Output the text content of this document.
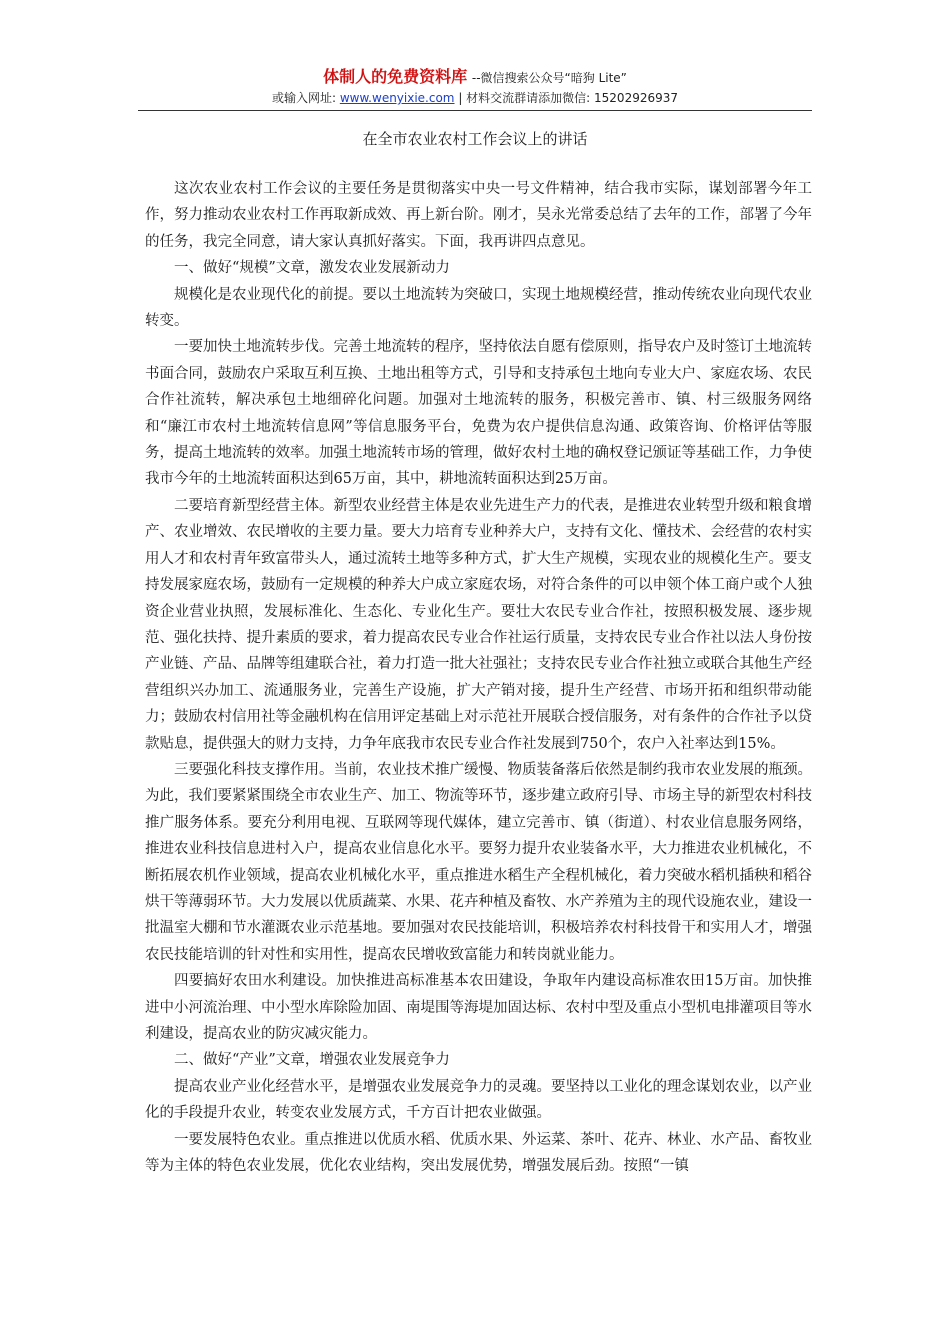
体制人的免费资料库 --微信搜索公众号“暗狗 Lite”
或输入网址: www.wenyixie.com | 材料交流群请添加微信: 15202926937
在全市农业农村工作会议上的讲话

这次农业农村工作会议的主要任务是贯彻落实中央一号文件精神，结合我市实际，谋划部署今年工作，努力推动农业农村工作再取新成效、再上新台阶。刚才，吴永光常委总结了去年的工作，部署了今年的任务，我完全同意，请大家认真抓好落实。下面，我再讲四点意见。

一、做好“规模”文章，激发农业发展新动力

规模化是农业现代化的前提。要以土地流转为突破口，实现土地规模经营，推动传统农业向现代农业转变。

一要加快土地流转步伐。完善土地流转的程序，坚持依法自愿有偿原则，指导农户及时签订土地流转书面合同，鼓励农户采取互利互换、土地出租等方式，引导和支持承包土地向专业大户、家庭农场、农民合作社流转，解决承包土地细碎化问题。加强对土地流转的服务，积极完善市、镇、村三级服务网络和“廉江市农村土地流转信息网”等信息服务平台，免费为农户提供信息沟通、政策咨询、价格评估等服务，提高土地流转的效率。加强土地流转市场的管理，做好农村土地的确权登记颁证等基础工作，力争使我市今年的土地流转面积达到65万亩，其中，耕地流转面积达到25万亩。

二要培育新型经营主体。新型农业经营主体是农业先进生产力的代表，是推进农业转型升级和粮食增产、农业增效、农民增收的主要力量。要大力培育专业种养大户，支持有文化、懂技术、会经营的农村实用人才和农村青年致富带头人，通过流转土地等多种方式，扩大生产规模，实现农业的规模化生产。要支持发展家庭农场，鼓励有一定规模的种养大户成立家庭农场，对符合条件的可以申领个体工商户或个人独资企业营业执照，发展标准化、生态化、专业化生产。要壮大农民专业合作社，按照积极发展、逐步规范、强化扶持、提升素质的要求，着力提高农民专业合作社运行质量，支持农民专业合作社以法人身份按产业链、产品、品牌等组建联合社，着力打造一批大社强社；支持农民专业合作社独立或联合其他生产经营组织兴办加工、流通服务业，完善生产设施，扩大产销对接，提升生产经营、市场开拓和组织带动能力；鼓励农村信用社等金融机构在信用评定基础上对示范社开展联合授信服务，对有条件的合作社予以贷款贴息，提供强大的财力支持，力争年底我市农民专业合作社发展到750个，农户入社率达到15%。

三要强化科技支撑作用。当前，农业技术推广缓慢、物质装备落后依然是制约我市农业发展的瓶颈。为此，我们要紧紧围绕全市农业生产、加工、物流等环节，逐步建立政府引导、市场主导的新型农村科技推广服务体系。要充分利用电视、互联网等现代媒体，建立完善市、镇（街道）、村农业信息服务网络，推进农业科技信息进村入户，提高农业信息化水平。要努力提升农业装备水平，大力推进农业机械化，不断拓展农机作业领域，提高农业机械化水平，重点推进水稻生产全程机械化，着力突破水稻机插秧和稻谷烘干等薄弱环节。大力发展以优质蔬菜、水果、花卉种植及畜牧、水产养殖为主的现代设施农业，建设一批温室大棚和节水灌溉农业示范基地。要加强对农民技能培训，积极培养农村科技骨干和实用人才，增强农民技能培训的针对性和实用性，提高农民增收致富能力和转岗就业能力。

四要搞好农田水利建设。加快推进高标准基本农田建设，争取年内建设高标准农田15万亩。加快推进中小河流治理、中小型水库除险加固、南堤围等海堤加固达标、农村中型及重点小型机电排灌项目等水利建设，提高农业的防灾减灾能力。

二、做好“产业”文章，增强农业发展竞争力

提高农业产业化经营水平，是增强农业发展竞争力的灵魂。要坚持以工业化的理念谋划农业，以产业化的手段提升农业，转变农业发展方式，千方百计把农业做强。

一要发展特色农业。重点推进以优质水稻、优质水果、外运菜、茶叶、花卉、林业、水产品、畜牧业等为主体的特色农业发展，优化农业结构，突出发展优势，增强发展后劲。按照“一镇
